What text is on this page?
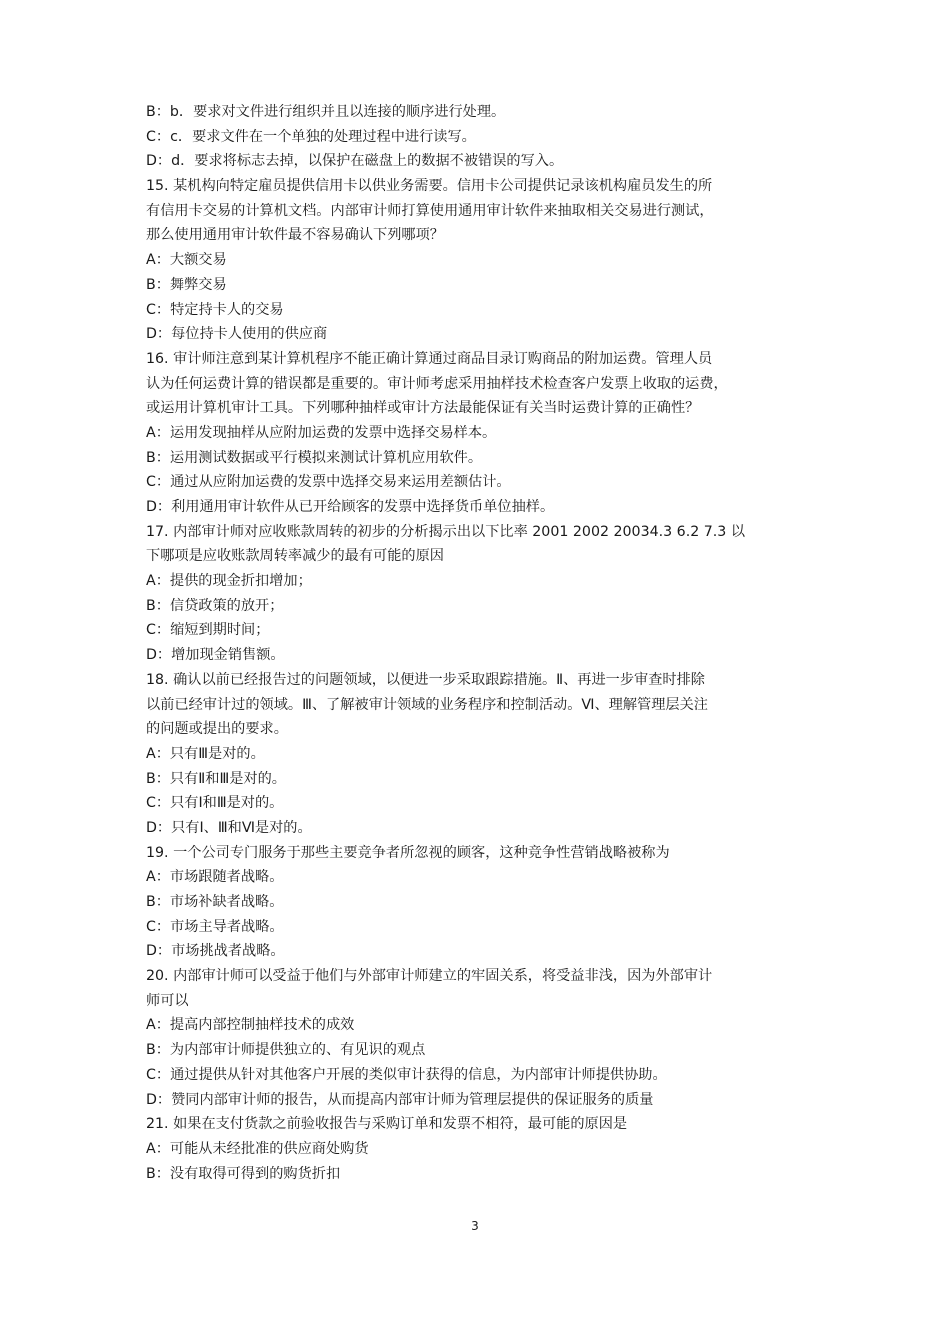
B：b．要求对文件进行组织并且以连接的顺序进行处理。
C：c．要求文件在一个单独的处理过程中进行读写。
D：d．要求将标志去掉，以保护在磁盘上的数据不被错误的写入。
15. 某机构向特定雇员提供信用卡以供业务需要。信用卡公司提供记录该机构雇员发生的所
有信用卡交易的计算机文档。内部审计师打算使用通用审计软件来抽取相关交易进行测试，
那么使用通用审计软件最不容易确认下列哪项？
A：大额交易
B：舞弊交易
C：特定持卡人的交易
D：每位持卡人使用的供应商
16. 审计师注意到某计算机程序不能正确计算通过商品目录订购商品的附加运费。管理人员
认为任何运费计算的错误都是重要的。审计师考虑采用抽样技术检查客户发票上收取的运费，
或运用计算机审计工具。下列哪种抽样或审计方法最能保证有关当时运费计算的正确性？
A：运用发现抽样从应附加运费的发票中选择交易样本。
B：运用测试数据或平行模拟来测试计算机应用软件。
C：通过从应附加运费的发票中选择交易来运用差额估计。
D：利用通用审计软件从已开给顾客的发票中选择货币单位抽样。
17. 内部审计师对应收账款周转的初步的分析揭示出以下比率 2001 2002 20034.3 6.2 7.3 以
下哪项是应收账款周转率减少的最有可能的原因
A：提供的现金折扣增加；
B：信贷政策的放开；
C：缩短到期时间；
D：增加现金销售额。
18. 确认以前已经报告过的问题领域，以便进一步采取跟踪措施。Ⅱ、再进一步审查时排除
以前已经审计过的领域。Ⅲ、了解被审计领域的业务程序和控制活动。Ⅵ、理解管理层关注
的问题或提出的要求。
A：只有Ⅲ是对的。
B：只有Ⅱ和Ⅲ是对的。
C：只有Ⅰ和Ⅲ是对的。
D：只有Ⅰ、Ⅲ和Ⅵ是对的。
19. 一个公司专门服务于那些主要竞争者所忽视的顾客，这种竞争性营销战略被称为
A：市场跟随者战略。
B：市场补缺者战略。
C：市场主导者战略。
D：市场挑战者战略。
20. 内部审计师可以受益于他们与外部审计师建立的牢固关系，将受益非浅，因为外部审计
师可以
A：提高内部控制抽样技术的成效
B：为内部审计师提供独立的、有见识的观点
C：通过提供从针对其他客户开展的类似审计获得的信息，为内部审计师提供协助。
D：赞同内部审计师的报告，从而提高内部审计师为管理层提供的保证服务的质量
21. 如果在支付货款之前验收报告与采购订单和发票不相符，最可能的原因是
A：可能从未经批准的供应商处购货
B：没有取得可得到的购货折扣
3
